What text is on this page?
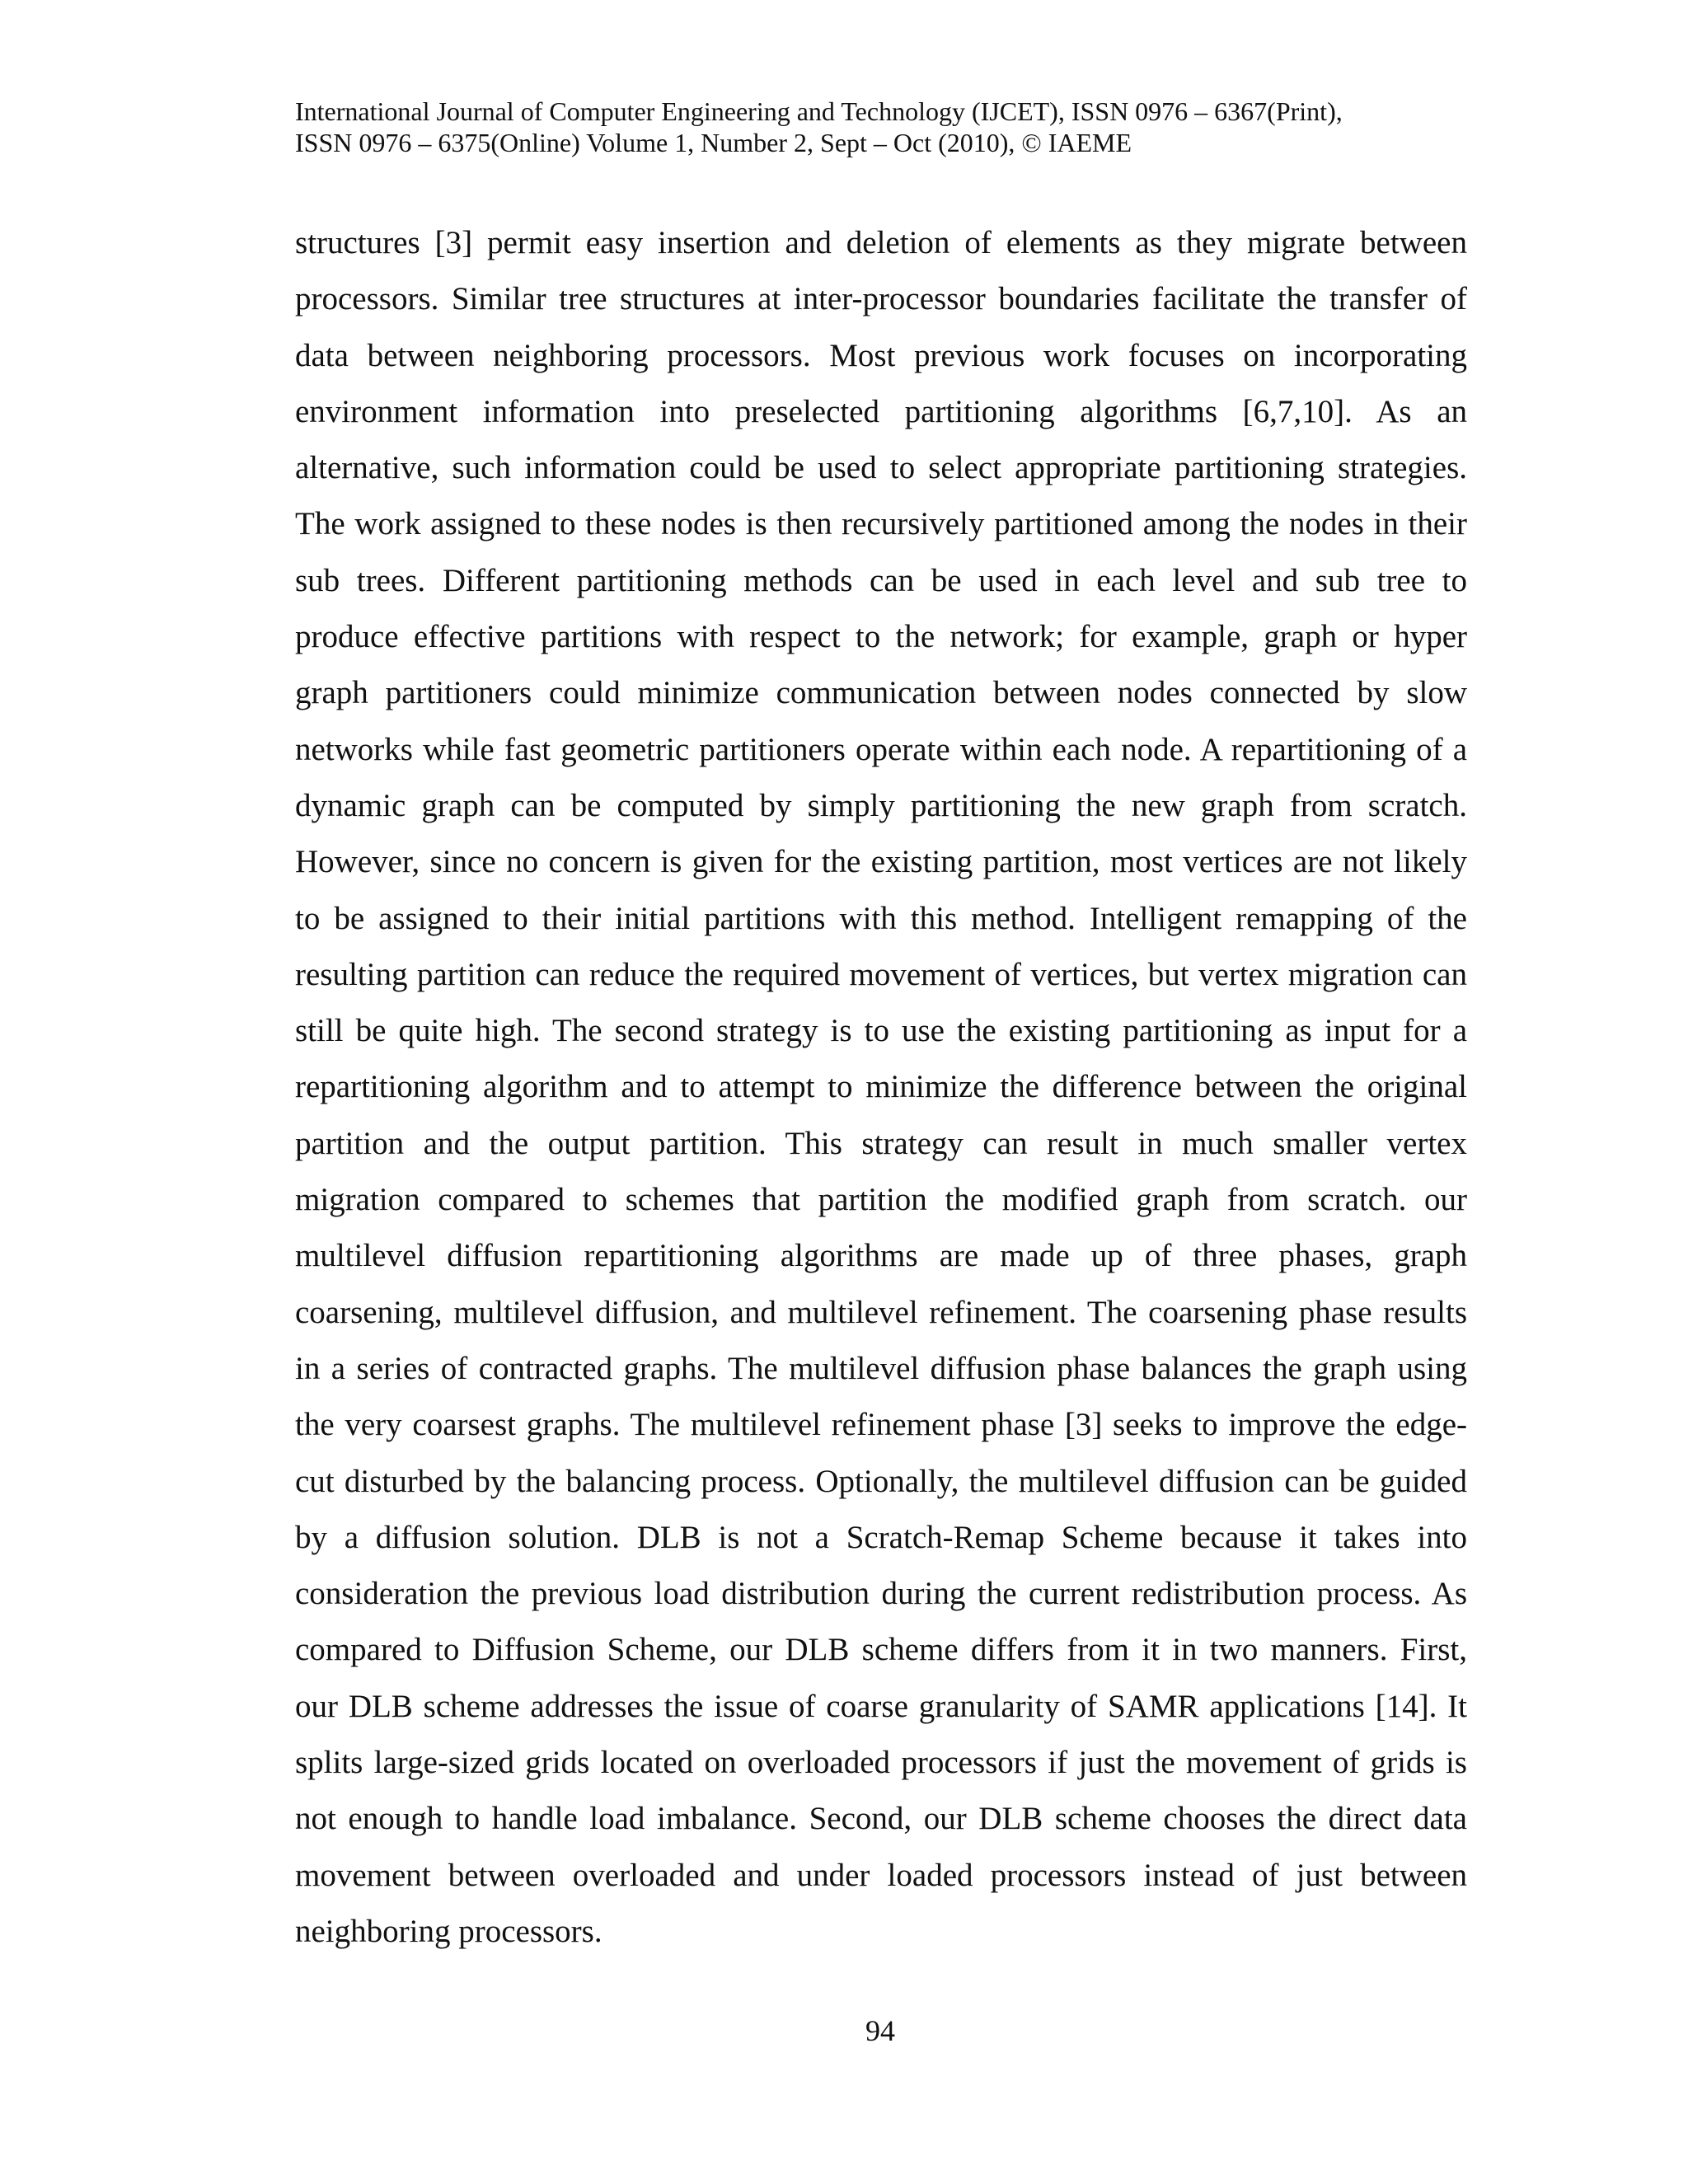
International Journal of Computer Engineering and Technology (IJCET), ISSN 0976 – 6367(Print),
ISSN 0976 – 6375(Online) Volume 1, Number 2, Sept – Oct (2010), © IAEME
structures [3] permit easy insertion and deletion of elements as they migrate between
processors. Similar tree structures at inter-processor boundaries facilitate the transfer of
data between neighboring processors. Most previous work focuses on incorporating
environment information into preselected partitioning algorithms [6,7,10]. As an
alternative, such information could be used to select appropriate partitioning strategies.
The work assigned to these nodes is then recursively partitioned among the nodes in their
sub trees. Different partitioning methods can be used in each level and sub tree to
produce effective partitions with respect to the network; for example, graph or hyper
graph partitioners could minimize communication between nodes connected by slow
networks while fast geometric partitioners operate within each node. A repartitioning of a
dynamic graph can be computed by simply partitioning the new graph from scratch.
However, since no concern is given for the existing partition, most vertices are not likely
to be assigned to their initial partitions with this method. Intelligent remapping of the
resulting partition can reduce the required movement of vertices, but vertex migration can
still be quite high. The second strategy is to use the existing partitioning as input for a
repartitioning algorithm and to attempt to minimize the difference between the original
partition and the output partition. This strategy can result in much smaller vertex
migration compared to schemes that partition the modified graph from scratch. our
multilevel diffusion repartitioning algorithms are made up of three phases, graph
coarsening, multilevel diffusion, and multilevel refinement. The coarsening phase results
in a series of contracted graphs. The multilevel diffusion phase balances the graph using
the very coarsest graphs. The multilevel refinement phase [3] seeks to improve the edge-
cut disturbed by the balancing process. Optionally, the multilevel diffusion can be guided
by a diffusion solution. DLB is not a Scratch-Remap Scheme because it takes into
consideration the previous load distribution during the current redistribution process. As
compared to Diffusion Scheme, our DLB scheme differs from it in two manners. First,
our DLB scheme addresses the issue of coarse granularity of SAMR applications [14]. It
splits large-sized grids located on overloaded processors if just the movement of grids is
not enough to handle load imbalance. Second, our DLB scheme chooses the direct data
movement between overloaded and under loaded processors instead of just between
neighboring processors.
94
